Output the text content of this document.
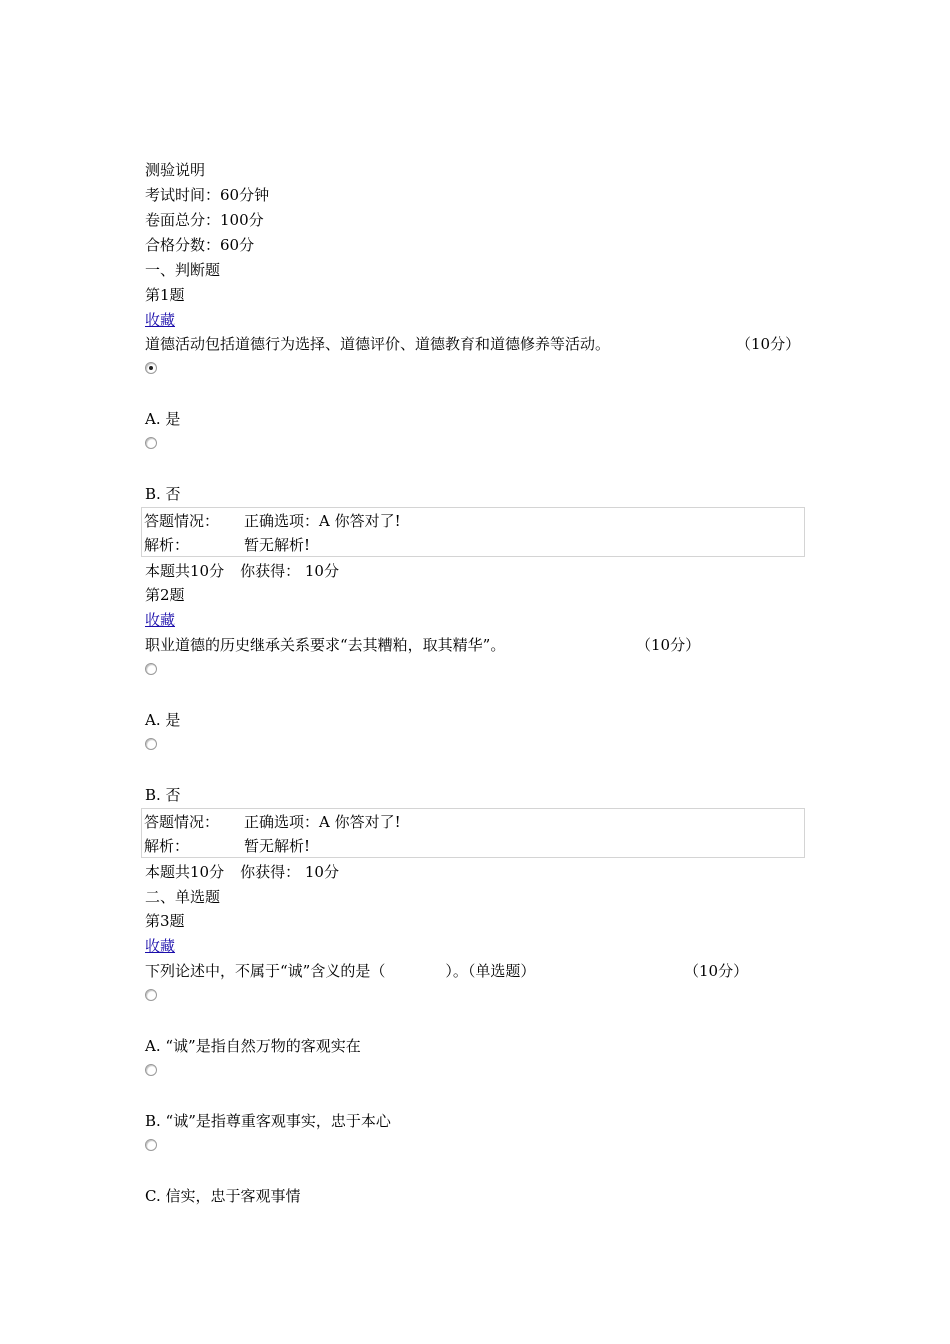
测验说明
考试时间：60分钟
卷面总分：100分
合格分数：60分
一、判断题
第1题
收藏
道德活动包括道德行为选择、道德评价、道德教育和道德修养等活动。	（10分）
A. 是
B. 否
答题情况： 正确选项：A 你答对了!
解析：	暂无解析!
本题共10分 你获得： 10分
第2题
收藏
职业道德的历史继承关系要求“去其糟粕，取其精华”。	（10分）
A. 是
B. 否
答题情况： 正确选项：A 你答对了!
解析：	暂无解析!
本题共10分 你获得： 10分
二、单选题
第3题
收藏
下列论述中，不属于“诚”含义的是（　　　　）。（单选题）	（10分）
A. “诚”是指自然万物的客观实在
B. “诚”是指尊重客观事实，忠于本心
C. 信实，忠于客观事情
